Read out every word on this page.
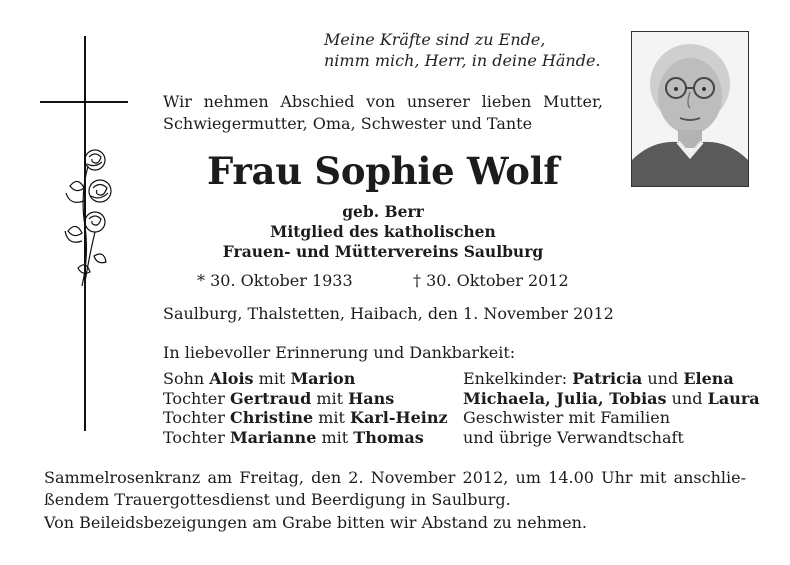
Meine Kräfte sind zu Ende,
nimm mich, Herr, in deine Hände.
Wir nehmen Abschied von unserer lieben Mutter,
Schwiegermutter, Oma, Schwester und Tante
Frau Sophie Wolf
geb. Berr
Mitglied des katholischen
Frauen- und Müttervereins Saulburg
* 30. Oktober 1933	† 30. Oktober 2012
Saulburg, Thalstetten, Haibach, den 1. November 2012
In liebevoller Erinnerung und Dankbarkeit:
Sohn Alois mit Marion
Tochter Gertraud mit Hans
Tochter Christine mit Karl-Heinz
Tochter Marianne mit Thomas
Enkelkinder: Patricia und Elena
Michaela, Julia, Tobias und Laura
Geschwister mit Familien
und übrige Verwandtschaft
Sammelrosenkranz am Freitag, den 2. November 2012, um 14.00 Uhr mit anschlie-
ßendem Trauergottesdienst und Beerdigung in Saulburg.
Von Beileidsbezeigungen am Grabe bitten wir Abstand zu nehmen.
